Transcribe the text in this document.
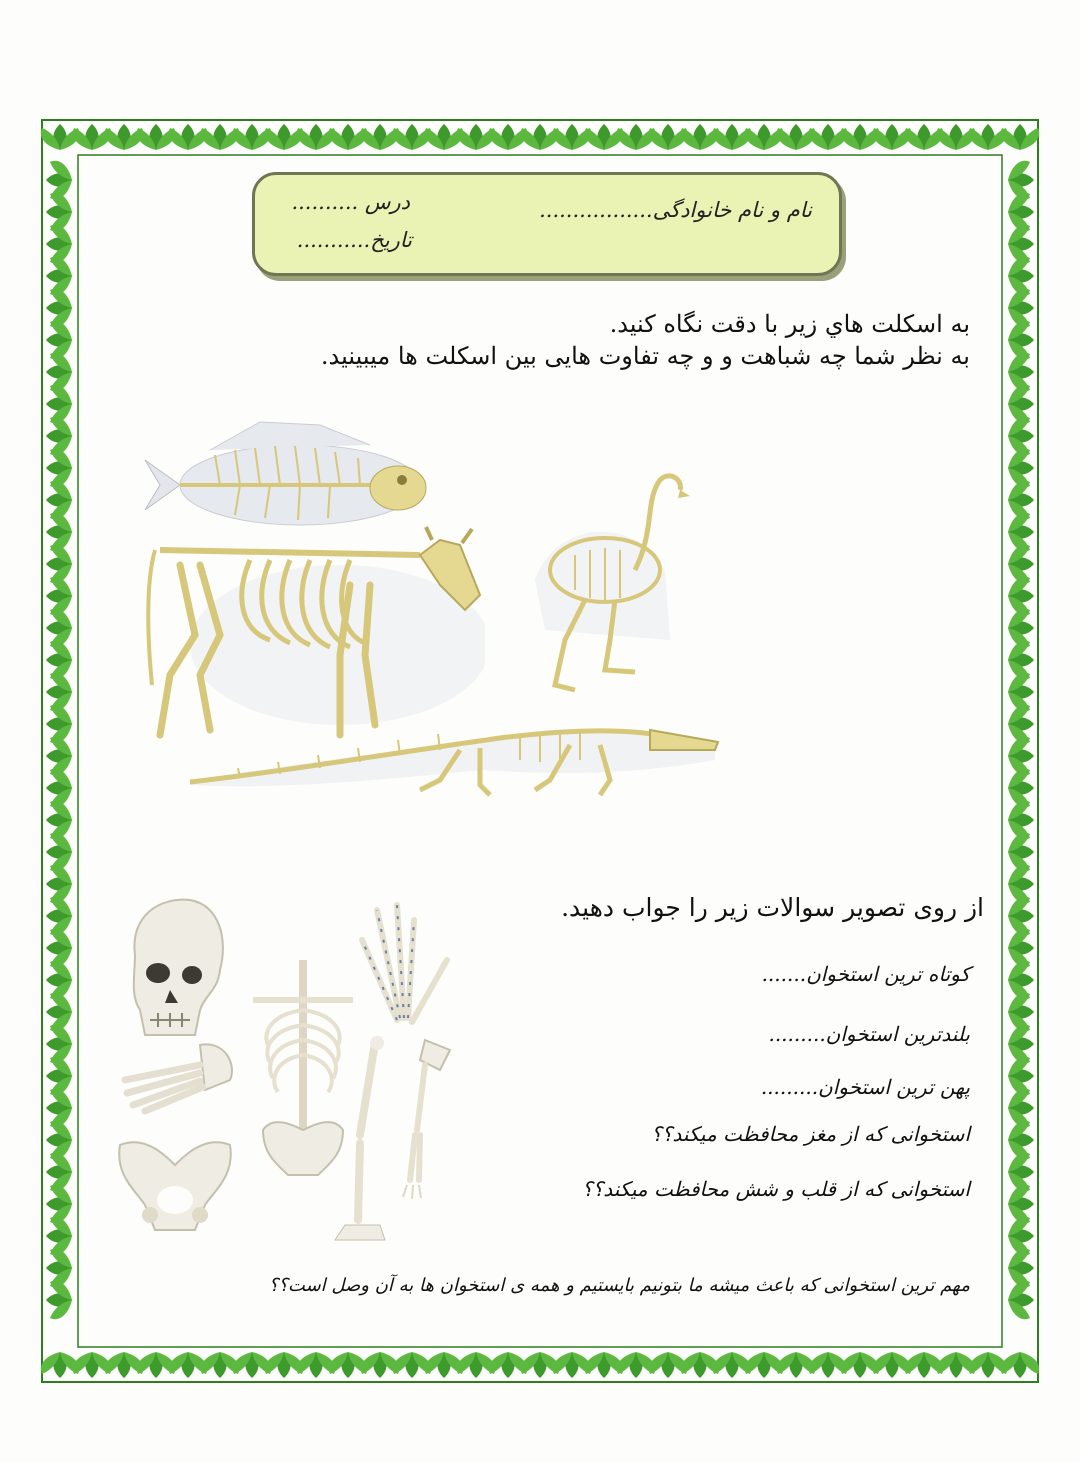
نام و نام خانوادگی.................
درس ..........
تاریخ...........
به اسکلت هاي زير با دقت نگاه کنيد.
به نظر شما چه شباهت و و چه تفاوت هایی بين اسکلت ها ميبينيد.
از روی تصویر سوالات زیر را جواب دهید.
کوتاه ترین استخوان.......
بلندترین استخوان.........
پهن ترین استخوان.........
استخوانی که از مغز محافظت میکند؟؟
استخوانی که از قلب و شش محافظت میکند؟؟
مهم ترین استخوانی که باعث میشه ما بتونیم بایستیم و همه ی استخوان ها به آن وصل است؟؟
